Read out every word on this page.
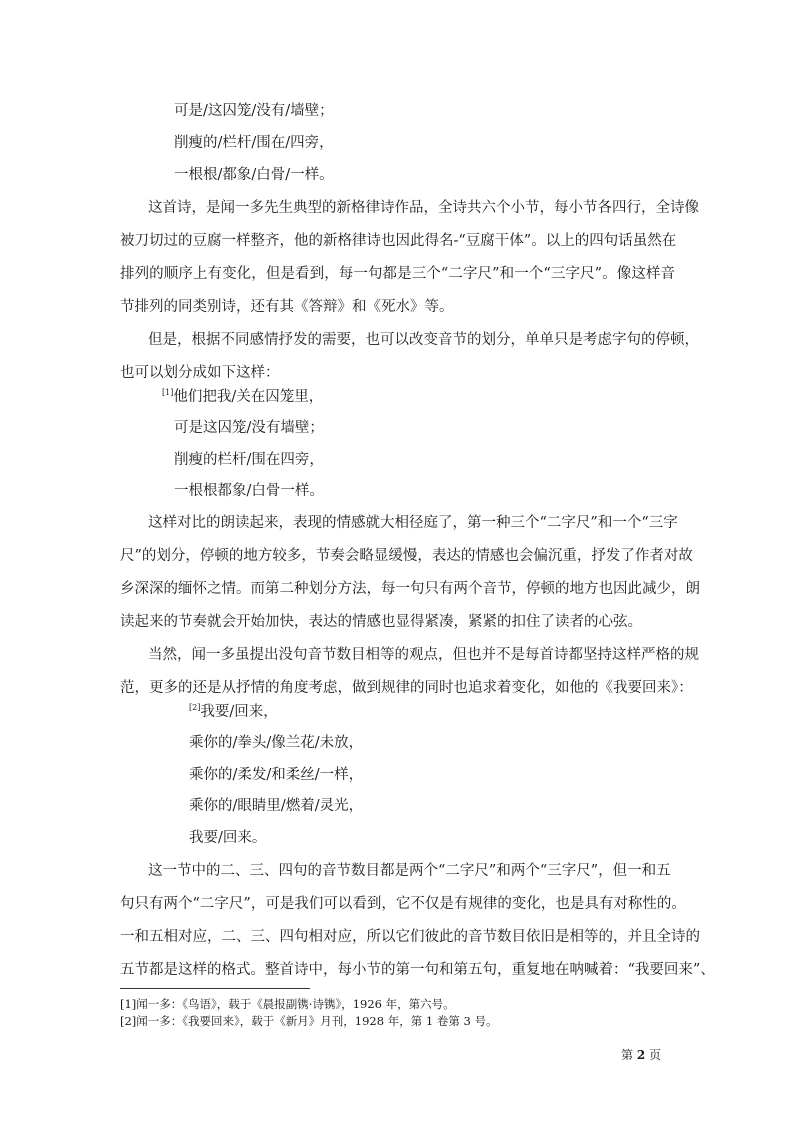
可是/这囚笼/没有/墙壁；
削瘦的/栏杆/围在/四旁，
一根根/都象/白骨/一样。
这首诗，是闻一多先生典型的新格律诗作品，全诗共六个小节，每小节各四行，全诗像
被刀切过的豆腐一样整齐，他的新格律诗也因此得名-“豆腐干体”。以上的四句话虽然在
排列的顺序上有变化，但是看到，每一句都是三个“二字尺”和一个“三字尺”。像这样音
节排列的同类别诗，还有其《答辩》和《死水》等。
但是，根据不同感情抒发的需要，也可以改变音节的划分，单单只是考虑字句的停顿，
也可以划分成如下这样：
[1]他们把我/关在囚笼里，
可是这囚笼/没有墙壁；
削瘦的栏杆/围在四旁，
一根根都象/白骨一样。
这样对比的朗读起来，表现的情感就大相径庭了，第一种三个“二字尺”和一个“三字
尺”的划分，停顿的地方较多，节奏会略显缓慢，表达的情感也会偏沉重，抒发了作者对故
乡深深的缅怀之情。而第二种划分方法，每一句只有两个音节，停顿的地方也因此减少，朗
读起来的节奏就会开始加快，表达的情感也显得紧凑，紧紧的扣住了读者的心弦。
当然，闻一多虽提出没句音节数目相等的观点，但也并不是每首诗都坚持这样严格的规
范，更多的还是从抒情的角度考虑，做到规律的同时也追求着变化，如他的《我要回来》：
[2]我要/回来，
乘你的/拳头/像兰花/未放，
乘你的/柔发/和柔丝/一样，
乘你的/眼睛里/燃着/灵光，
我要/回来。
这一节中的二、三、四句的音节数目都是两个“二字尺”和两个“三字尺”，但一和五
句只有两个“二字尺”，可是我们可以看到，它不仅是有规律的变化，也是具有对称性的。
一和五相对应，二、三、四句相对应，所以它们彼此的音节数目依旧是相等的，并且全诗的
五节都是这样的格式。整首诗中，每小节的第一句和第五句，重复地在呐喊着：“我要回来”、
[1]闻一多：《鸟语》，载于《晨报副镌·诗镌》，1926 年，第六号。
[2]闻一多：《我要回来》，载于《新月》月刊，1928 年，第 1 卷第 3 号。
第 2 页
